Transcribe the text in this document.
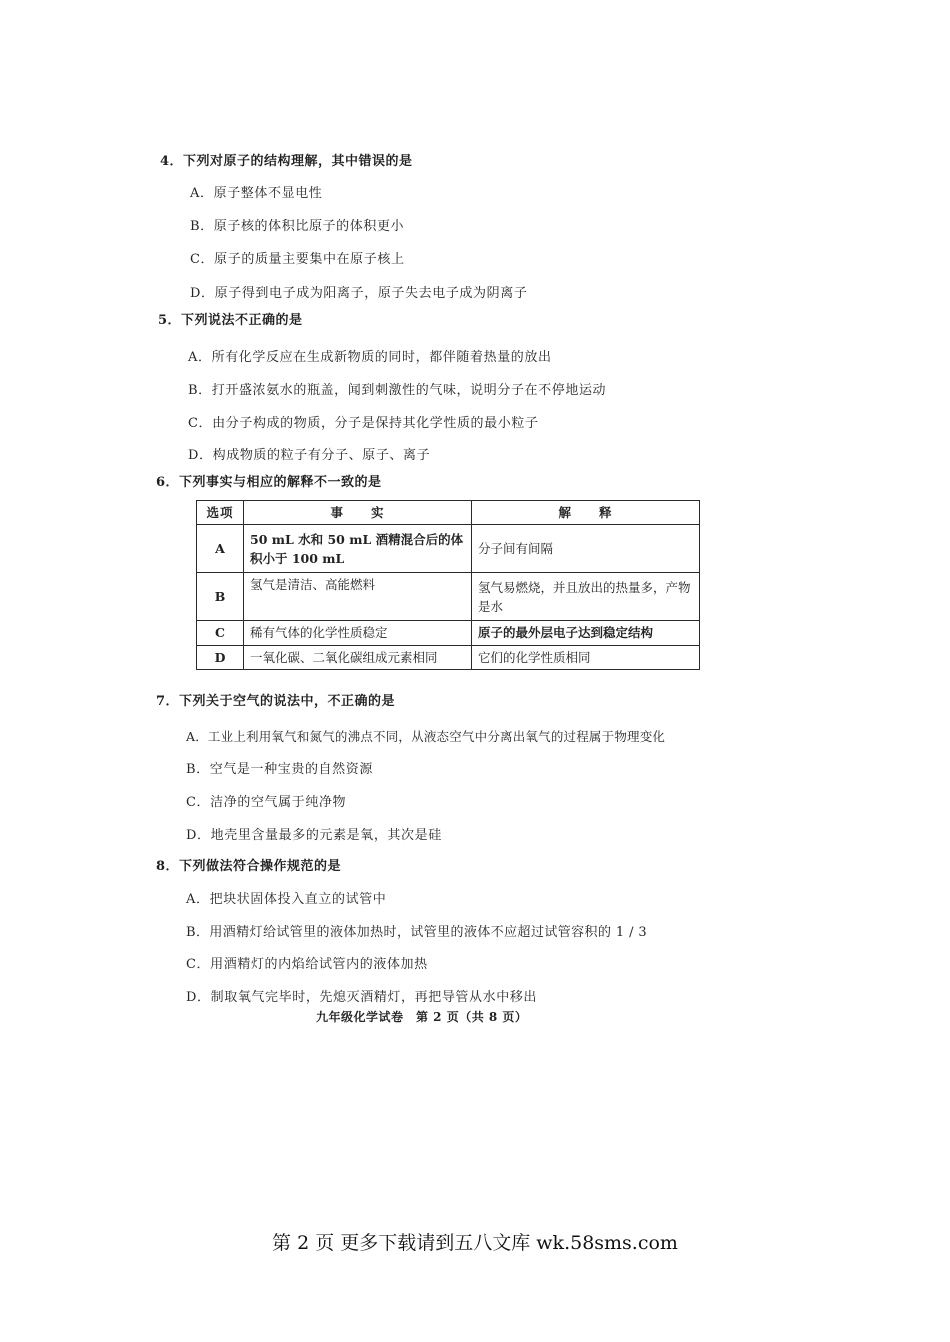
4．下列对原子的结构理解，其中错误的是
A．原子整体不显电性
B．原子核的体积比原子的体积更小
C．原子的质量主要集中在原子核上
D．原子得到电子成为阳离子，原子失去电子成为阴离子
5．下列说法不正确的是
A．所有化学反应在生成新物质的同时，都伴随着热量的放出
B．打开盛浓氨水的瓶盖，闻到刺激性的气味，说明分子在不停地运动
C．由分子构成的物质，分子是保持其化学性质的最小粒子
D．构成物质的粒子有分子、原子、离子
6．下列事实与相应的解释不一致的是
选项	事　　实	解　　释
A	50 mL 水和 50 mL 酒精混合后的体积小于 100 mL	分子间有间隔
B	氢气是清洁、高能燃料	氢气易燃烧，并且放出的热量多，产物是水
C	稀有气体的化学性质稳定	原子的最外层电子达到稳定结构
D	一氧化碳、二氧化碳组成元素相同	它们的化学性质相同
7．下列关于空气的说法中，不正确的是
A．工业上利用氧气和氮气的沸点不同，从液态空气中分离出氧气的过程属于物理变化
B．空气是一种宝贵的自然资源
C．洁净的空气属于纯净物
D．地壳里含量最多的元素是氧，其次是硅
8．下列做法符合操作规范的是
A．把块状固体投入直立的试管中
B．用酒精灯给试管里的液体加热时，试管里的液体不应超过试管容积的 1 / 3
C．用酒精灯的内焰给试管内的液体加热
D．制取氧气完毕时，先熄灭酒精灯，再把导管从水中移出
九年级化学试卷　第 2 页（共 8 页）
第 2 页 更多下载请到五八文库 wk.58sms.com
